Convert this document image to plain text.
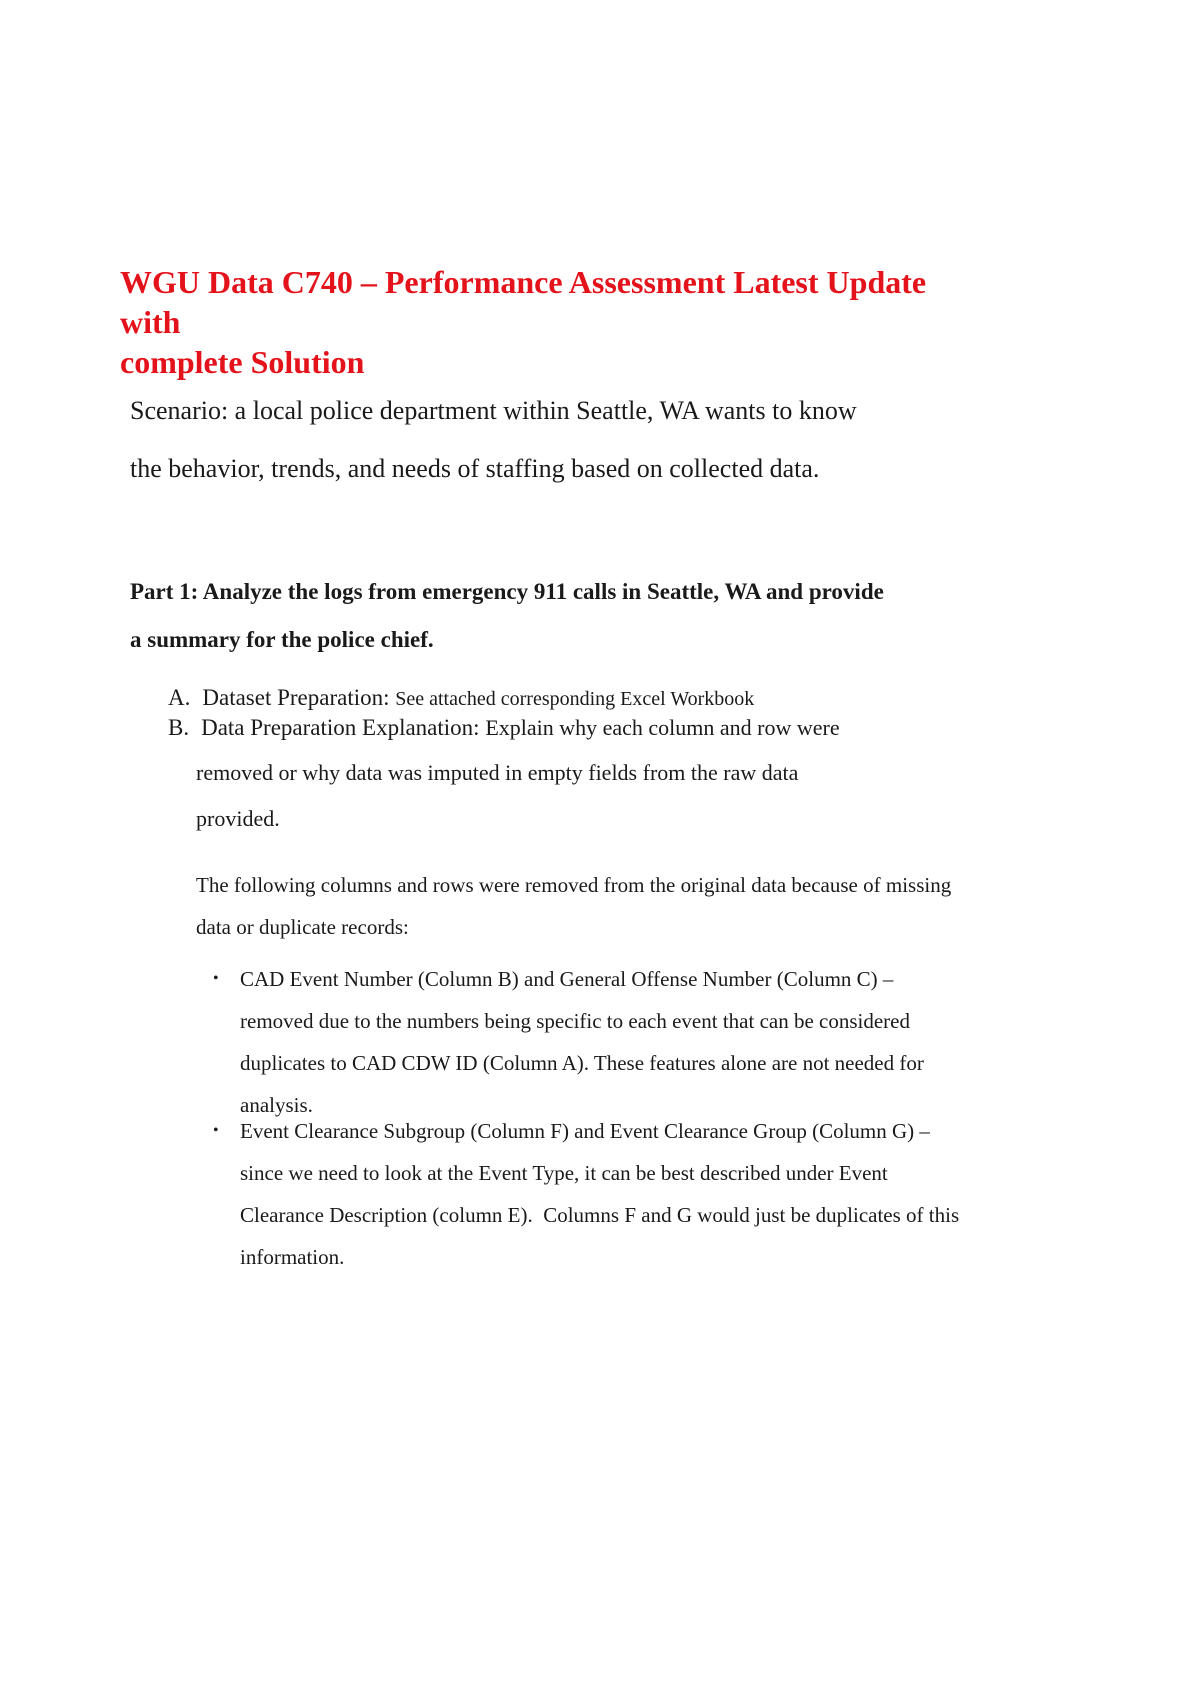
WGU Data C740 – Performance Assessment Latest Update with
complete Solution
Scenario: a local police department within Seattle, WA wants to know
the behavior, trends, and needs of staffing based on collected data.
Part 1: Analyze the logs from emergency 911 calls in Seattle, WA and provide
a summary for the police chief.
A. Dataset Preparation: See attached corresponding Excel Workbook
B. Data Preparation Explanation: Explain why each column and row were
removed or why data was imputed in empty fields from the raw data
provided.
The following columns and rows were removed from the original data because of missing
data or duplicate records:
• CAD Event Number (Column B) and General Offense Number (Column C) –
removed due to the numbers being specific to each event that can be considered
duplicates to CAD CDW ID (Column A). These features alone are not needed for
analysis.
• Event Clearance Subgroup (Column F) and Event Clearance Group (Column G) –
since we need to look at the Event Type, it can be best described under Event
Clearance Description (column E).  Columns F and G would just be duplicates of this
information.
